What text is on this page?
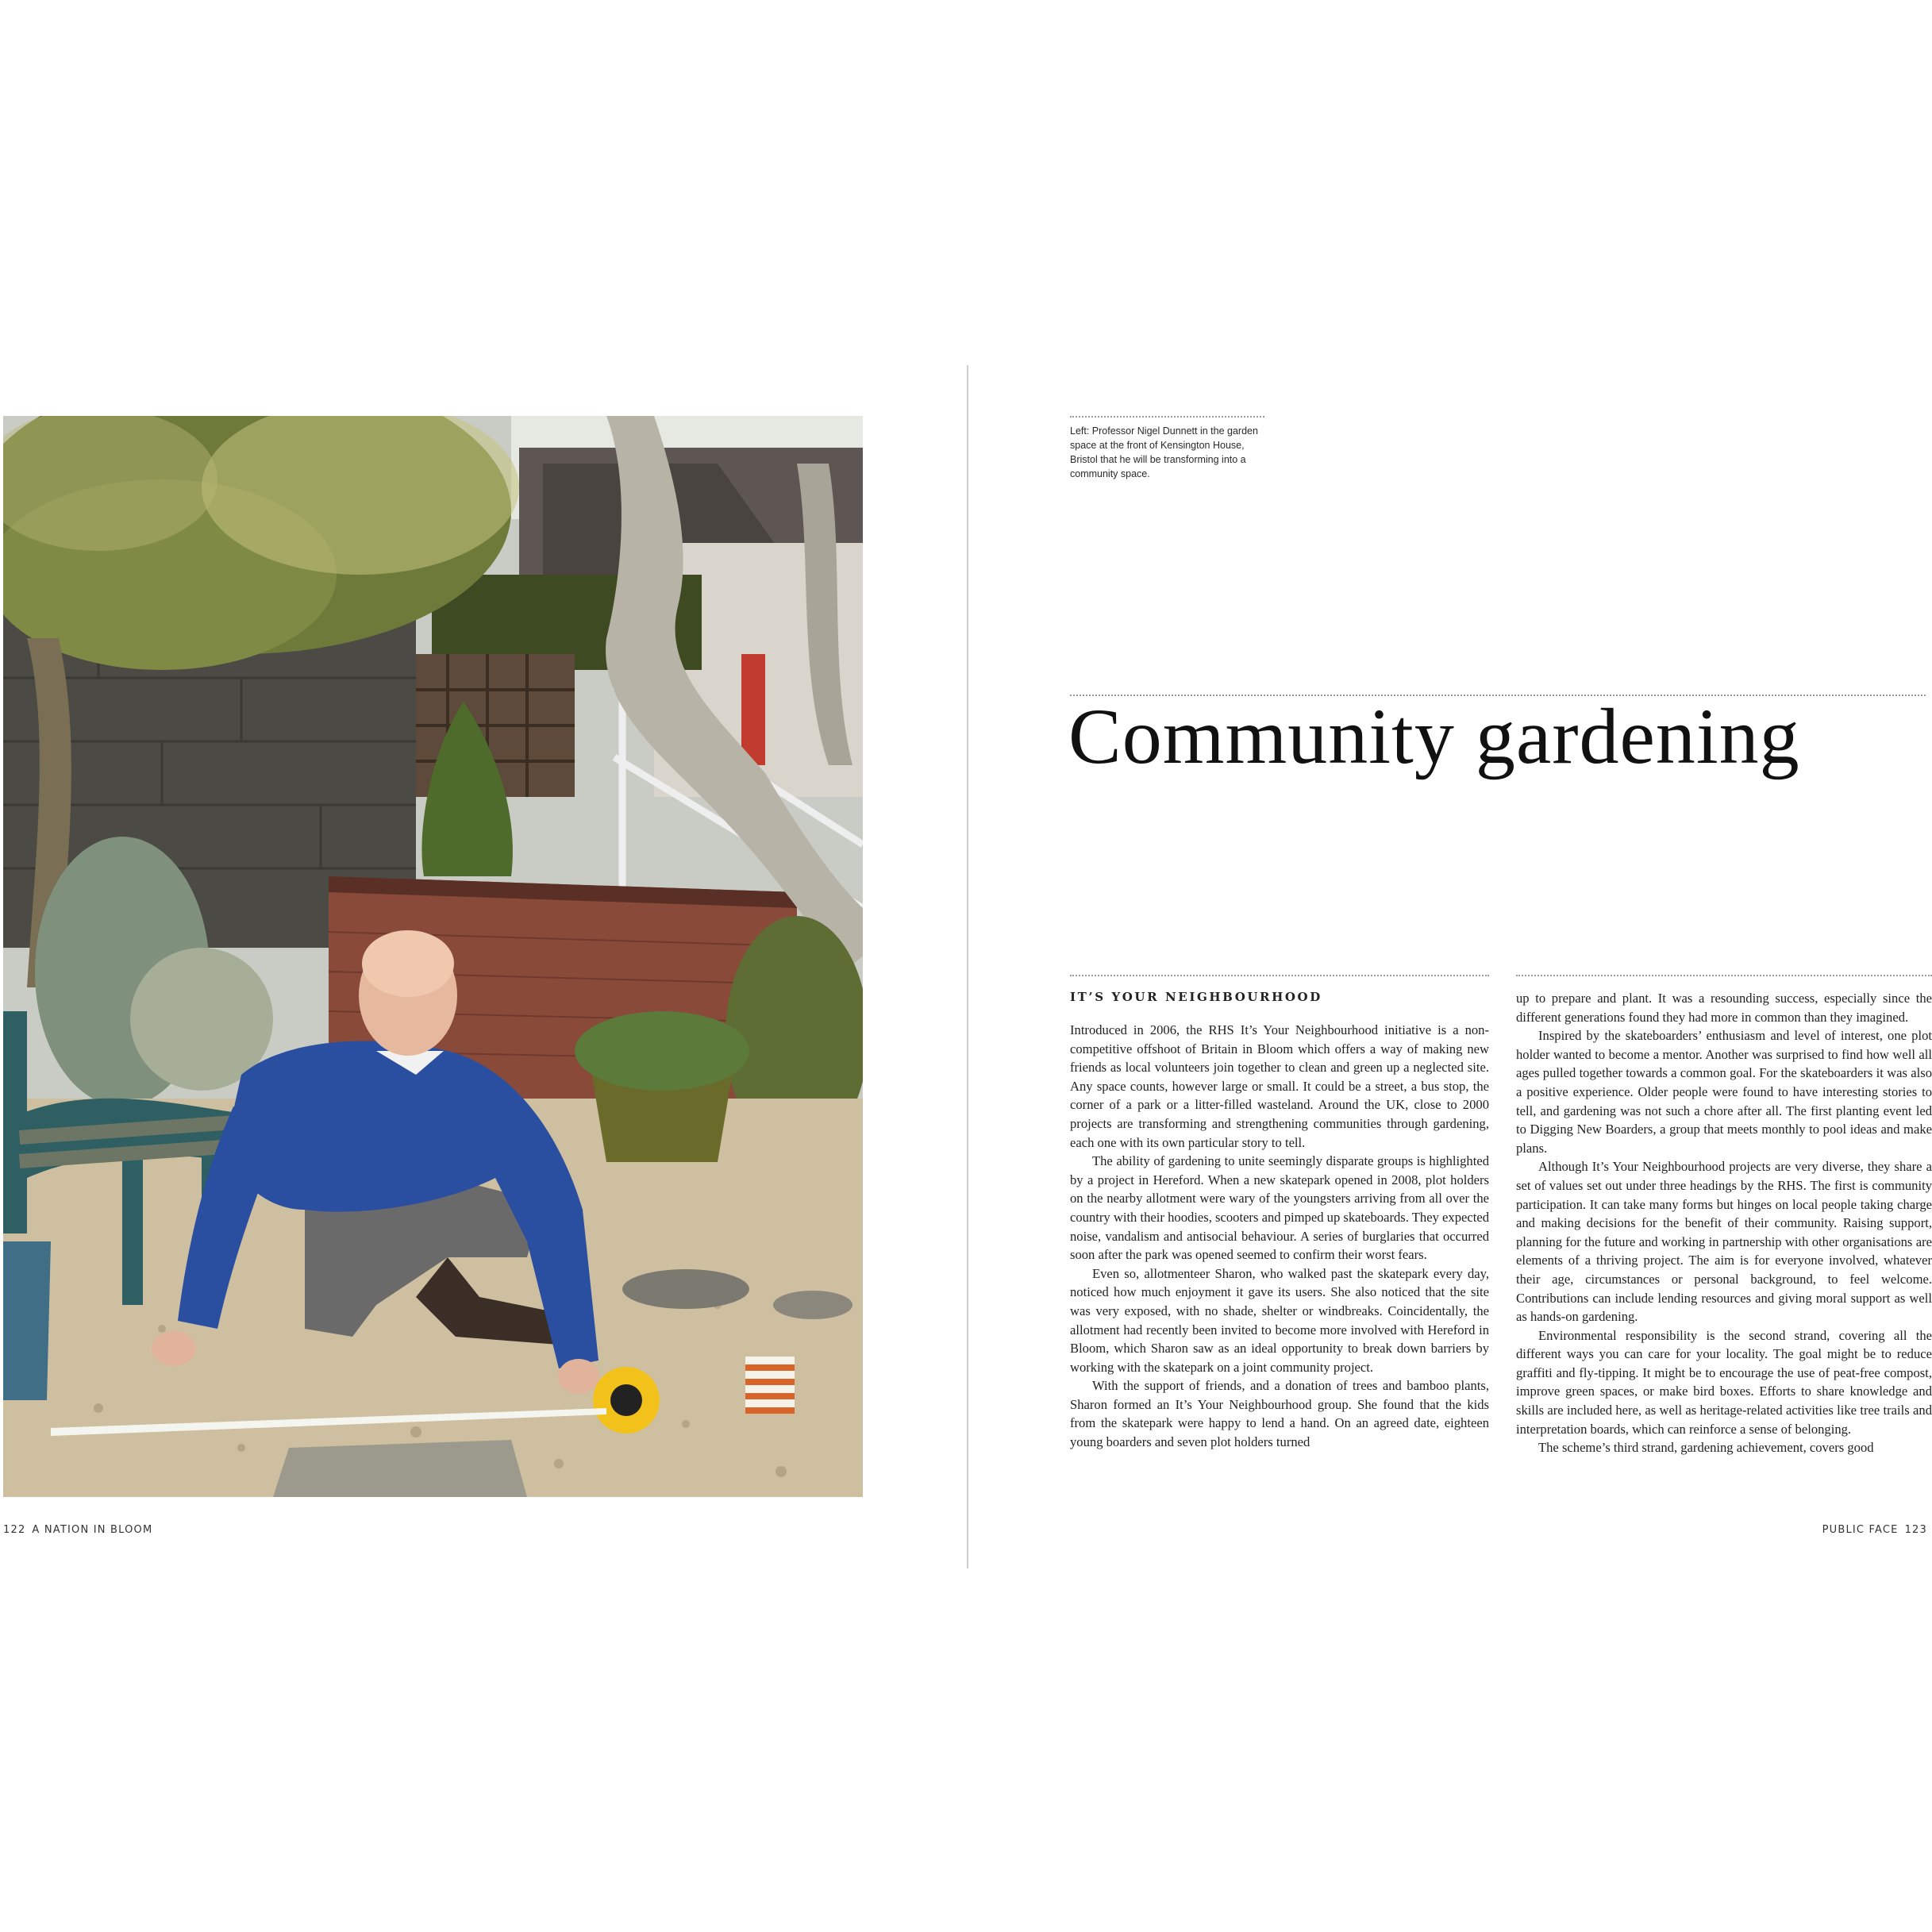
122 A NATION IN BLOOM
Left: Professor Nigel Dunnett in the garden space at the front of Kensington House, Bristol that he will be transforming into a community space.
Community gardening
IT’S YOUR NEIGHBOURHOOD

Introduced in 2006, the RHS It’s Your Neighbourhood initiative is a non-competitive offshoot of Britain in Bloom which offers a way of making new friends as local volunteers join together to clean and green up a neglected site. Any space counts, however large or small. It could be a street, a bus stop, the corner of a park or a litter-filled wasteland. Around the UK, close to 2000 projects are transforming and strengthening communities through gardening, each one with its own particular story to tell.

The ability of gardening to unite seemingly disparate groups is highlighted by a project in Hereford. When a new skatepark opened in 2008, plot holders on the nearby allotment were wary of the youngsters arriving from all over the country with their hoodies, scooters and pimped up skateboards. They expected noise, vandalism and antisocial behaviour. A series of burglaries that occurred soon after the park was opened seemed to confirm their worst fears.

Even so, allotmenteer Sharon, who walked past the skatepark every day, noticed how much enjoyment it gave its users. She also noticed that the site was very exposed, with no shade, shelter or windbreaks. Coincidentally, the allotment had recently been invited to become more involved with Hereford in Bloom, which Sharon saw as an ideal opportunity to break down barriers by working with the skatepark on a joint community project.

With the support of friends, and a donation of trees and bamboo plants, Sharon formed an It’s Your Neighbourhood group. She found that the kids from the skatepark were happy to lend a hand. On an agreed date, eighteen young boarders and seven plot holders turned

up to prepare and plant. It was a resounding success, especially since the different generations found they had more in common than they imagined.

Inspired by the skateboarders’ enthusiasm and level of interest, one plot holder wanted to become a mentor. Another was surprised to find how well all ages pulled together towards a common goal. For the skateboarders it was also a positive experience. Older people were found to have interesting stories to tell, and gardening was not such a chore after all. The first planting event led to Digging New Boarders, a group that meets monthly to pool ideas and make plans.

Although It’s Your Neighbourhood projects are very diverse, they share a set of values set out under three headings by the RHS. The first is community participation. It can take many forms but hinges on local people taking charge and making decisions for the benefit of their community. Raising support, planning for the future and working in partnership with other organisations are elements of a thriving project. The aim is for everyone involved, whatever their age, circumstances or personal background, to feel welcome. Contributions can include lending resources and giving moral support as well as hands-on gardening.

Environmental responsibility is the second strand, covering all the different ways you can care for your locality. The goal might be to reduce graffiti and fly-tipping. It might be to encourage the use of peat-free compost, improve green spaces, or make bird boxes. Efforts to share knowledge and skills are included here, as well as heritage-related activities like tree trails and interpretation boards, which can reinforce a sense of belonging.

The scheme’s third strand, gardening achievement, covers good

PUBLIC FACE 123
